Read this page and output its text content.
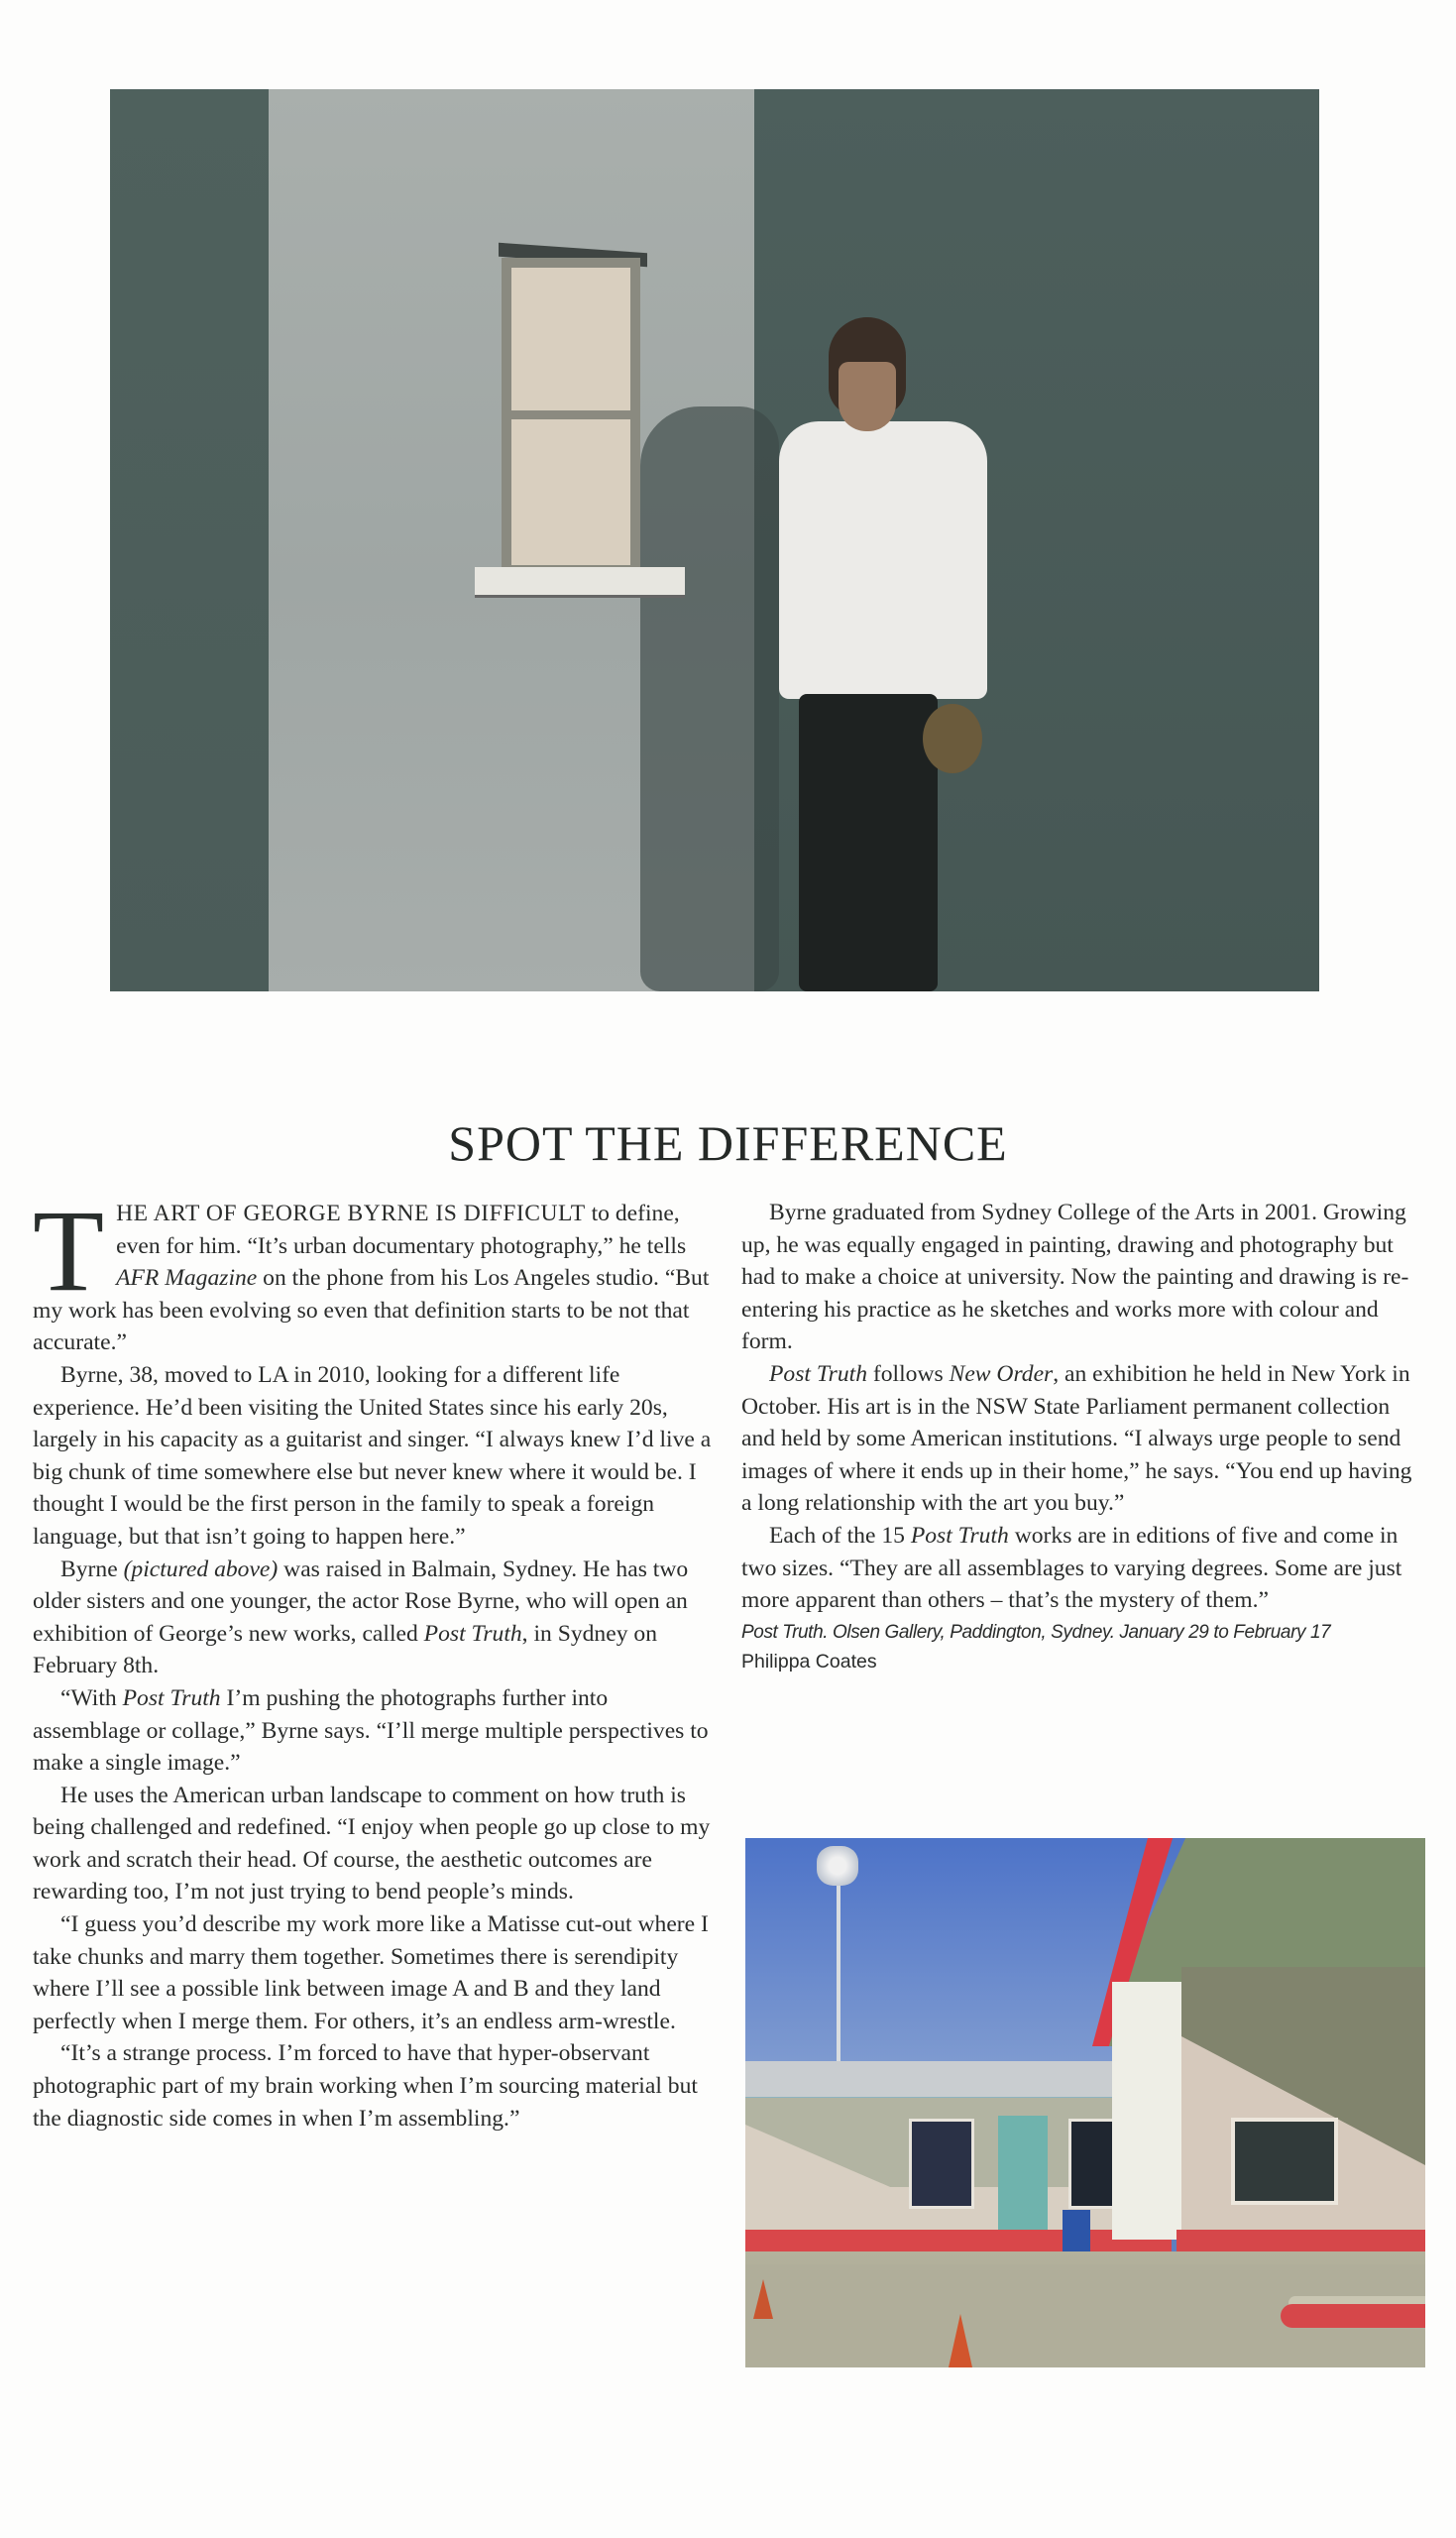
SPOT THE DIFFERENCE

THE ART OF GEORGE BYRNE IS DIFFICULT to define, even for him. “It’s urban documentary photography,” he tells AFR Magazine on the phone from his Los Angeles studio. “But my work has been evolving so even that definition starts to be not that accurate.”

Byrne, 38, moved to LA in 2010, looking for a different life experience. He’d been visiting the United States since his early 20s, largely in his capacity as a guitarist and singer. “I always knew I’d live a big chunk of time somewhere else but never knew where it would be. I thought I would be the first person in the family to speak a foreign language, but that isn’t going to happen here.”

Byrne (pictured above) was raised in Balmain, Sydney. He has two older sisters and one younger, the actor Rose Byrne, who will open an exhibition of George’s new works, called Post Truth, in Sydney on February 8th.

“With Post Truth I’m pushing the photographs further into assemblage or collage,” Byrne says. “I’ll merge multiple perspectives to make a single image.”

He uses the American urban landscape to comment on how truth is being challenged and redefined. “I enjoy when people go up close to my work and scratch their head. Of course, the aesthetic outcomes are rewarding too, I’m not just trying to bend people’s minds.

“I guess you’d describe my work more like a Matisse cut-out where I take chunks and marry them together. Sometimes there is serendipity where I’ll see a possible link between image A and B and they land perfectly when I merge them. For others, it’s an endless arm-wrestle.

“It’s a strange process. I’m forced to have that hyper-observant photographic part of my brain working when I’m sourcing material but the diagnostic side comes in when I’m assembling.”

Byrne graduated from Sydney College of the Arts in 2001. Growing up, he was equally engaged in painting, drawing and photography but had to make a choice at university. Now the painting and drawing is re-entering his practice as he sketches and works more with colour and form.

Post Truth follows New Order, an exhibition he held in New York in October. His art is in the NSW State Parliament permanent collection and held by some American institutions. “I always urge people to send images of where it ends up in their home,” he says. “You end up having a long relationship with the art you buy.”

Each of the 15 Post Truth works are in editions of five and come in two sizes. “They are all assemblages to varying degrees. Some are just more apparent than others – that’s the mystery of them.”

Post Truth. Olsen Gallery, Paddington, Sydney. January 29 to February 17

Philippa Coates
